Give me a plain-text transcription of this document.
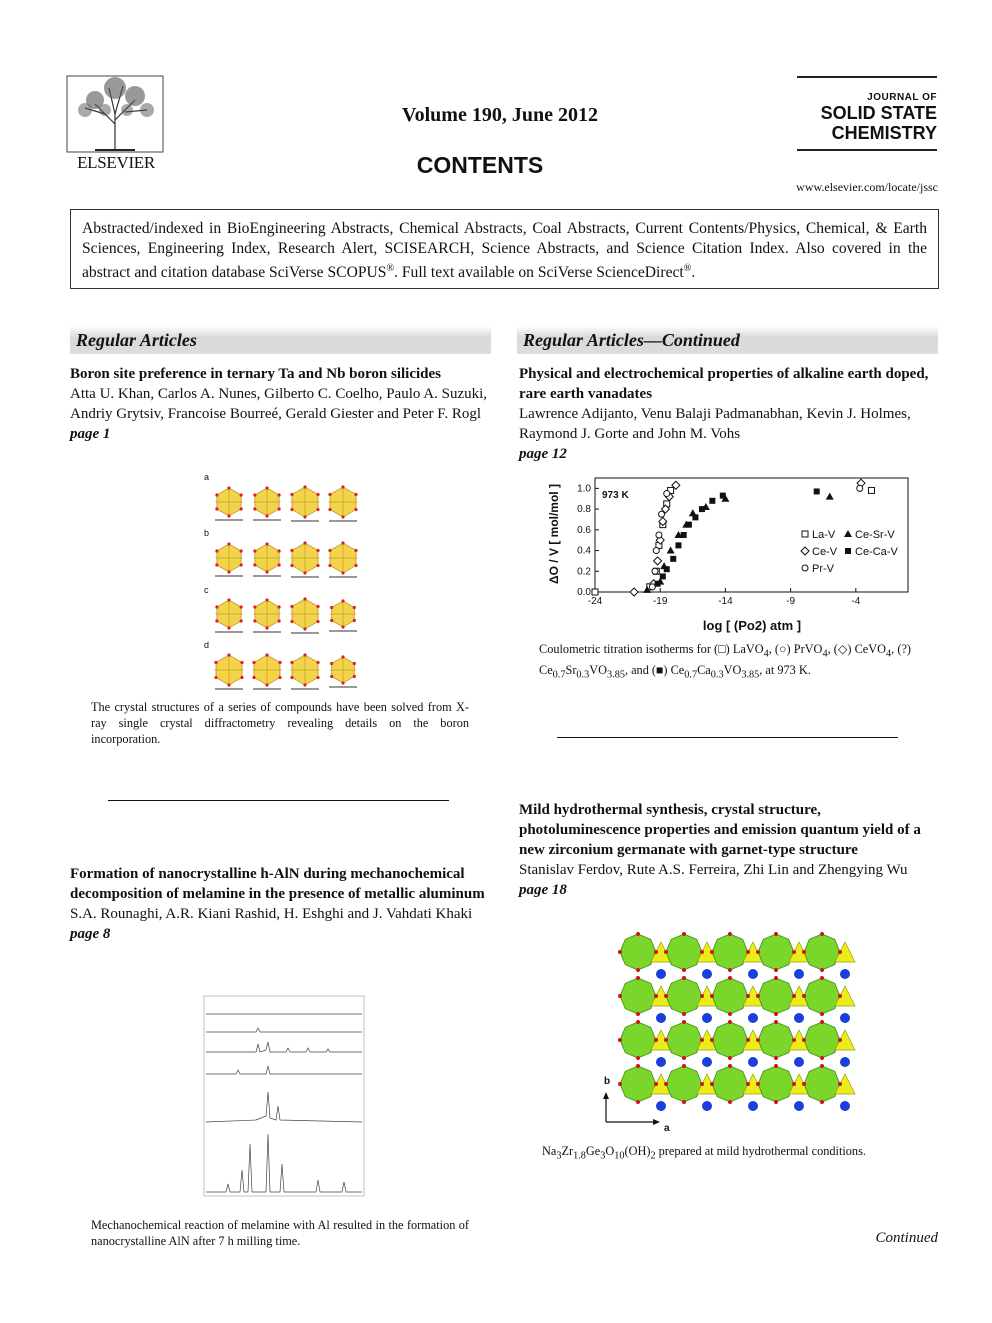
ELSEVIER
Volume 190, June 2012
CONTENTS
JOURNAL OF
SOLID STATE
CHEMISTRY
www.elsevier.com/locate/jssc
Abstracted/indexed in BioEngineering Abstracts, Chemical Abstracts, Coal Abstracts, Current Contents/Physics, Chemical, & Earth Sciences, Engineering Index, Research Alert, SCISEARCH, Science Abstracts, and Science Citation Index. Also covered in the abstract and citation database SciVerse SCOPUS®. Full text available on SciVerse ScienceDirect®.
Regular Articles
Boron site preference in ternary Ta and Nb boron silicides
Atta U. Khan, Carlos A. Nunes, Gilberto C. Coelho, Paulo A. Suzuki, Andriy Grytsiv, Francoise Bourreé, Gerald Giester and Peter F. Rogl
page 1
a
b
c
d
The crystal structures of a series of compounds have been solved from X-ray single crystal diffractometry revealing details on the boron incorporation.
Formation of nanocrystalline h-AlN during mechanochemical decomposition of melamine in the presence of metallic aluminum
S.A. Rounaghi, A.R. Kiani Rashid, H. Eshghi and J. Vahdati Khaki
page 8
Mechanochemical reaction of melamine with Al resulted in the formation of nanocrystalline AlN after 7 h milling time.
Regular Articles—Continued
Physical and electrochemical properties of alkaline earth doped, rare earth vanadates
Lawrence Adijanto, Venu Balaji Padmanabhan, Kevin J. Holmes, Raymond J. Gorte and John M. Vohs
page 12
0.0
0.2
0.4
0.6
0.8
1.0
-24	-19	-14	-9	-4
973 K
La-V Ce-Sr-V
Ce-V Ce-Ca-V
Pr-V
log [ (Po2) atm ]
ΔO / V [ mol/mol ]
Coulometric titration isotherms for (□) LaVO$_4$, (○) PrVO$_4$, (◇) CeVO$_4$, (?) $Ce_{0.7}Sr_{0.3}VO_{3.85}$, and (■) $Ce_{0.7}Ca_{0.3}VO_{3.85}$, at 973 K.
Mild hydrothermal synthesis, crystal structure, photoluminescence properties and emission quantum yield of a new zirconium germanate with garnet-type structure
Stanislav Ferdov, Rute A.S. Ferreira, Zhi Lin and Zhengying Wu
page 18
b
a
$Na_3Zr_{1.8}Ge_3O_{10}(OH)_2$ prepared at mild hydrothermal conditions.
Continued
